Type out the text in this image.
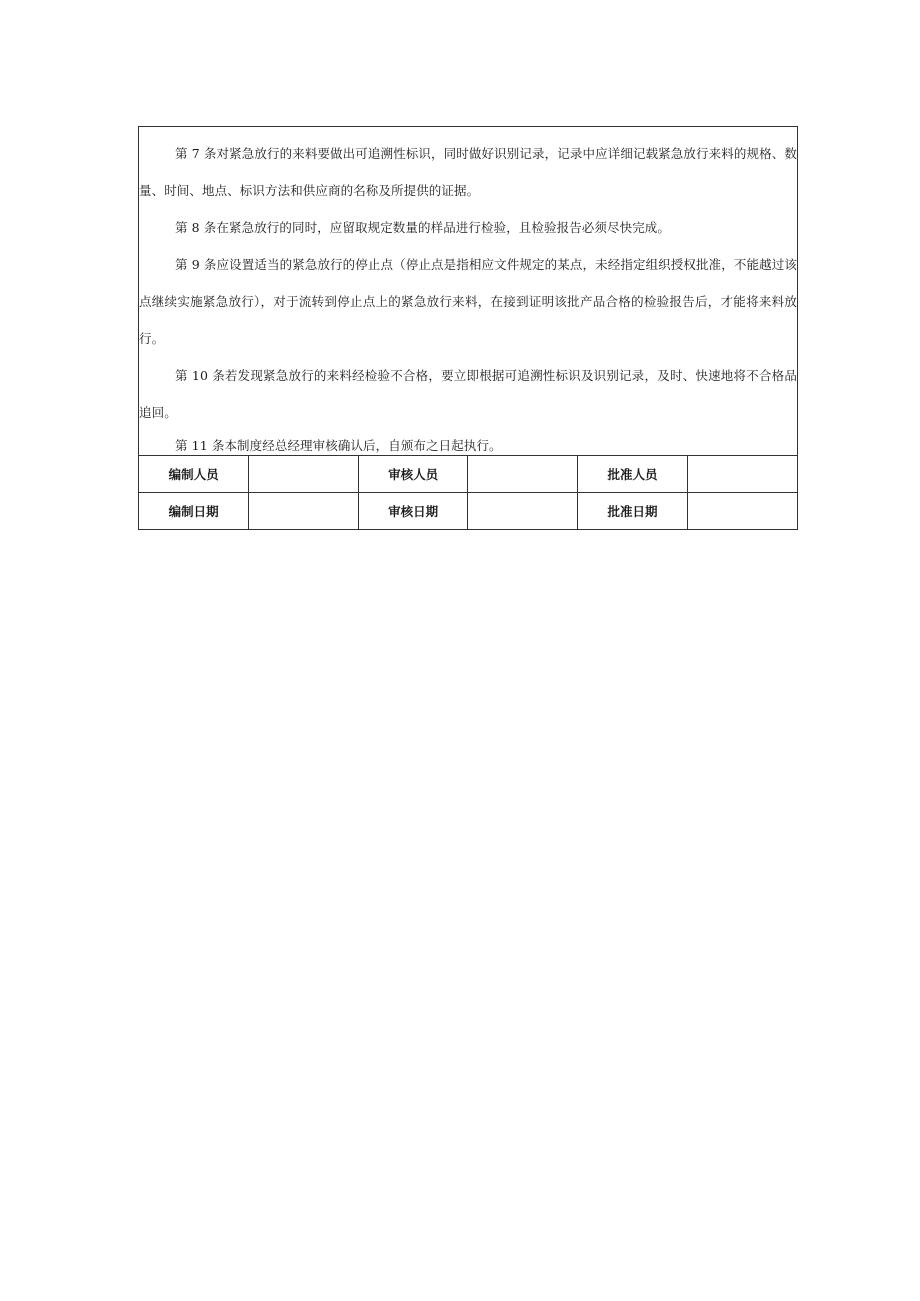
第 7 条对紧急放行的来料要做出可追溯性标识，同时做好识别记录，记录中应详细记载紧急放行来料的规格、数量、时间、地点、标识方法和供应商的名称及所提供的证据。

第 8 条在紧急放行的同时，应留取规定数量的样品进行检验，且检验报告必须尽快完成。

第 9 条应设置适当的紧急放行的停止点（停止点是指相应文件规定的某点，未经指定组织授权批准，不能越过该点继续实施紧急放行），对于流转到停止点上的紧急放行来料，在接到证明该批产品合格的检验报告后，才能将来料放行。

第 10 条若发现紧急放行的来料经检验不合格，要立即根据可追溯性标识及识别记录，及时、快速地将不合格品追回。

第 11 条本制度经总经理审核确认后，自颁布之日起执行。

编制人员		审核人员		批准人员	
编制日期		审核日期		批准日期	
